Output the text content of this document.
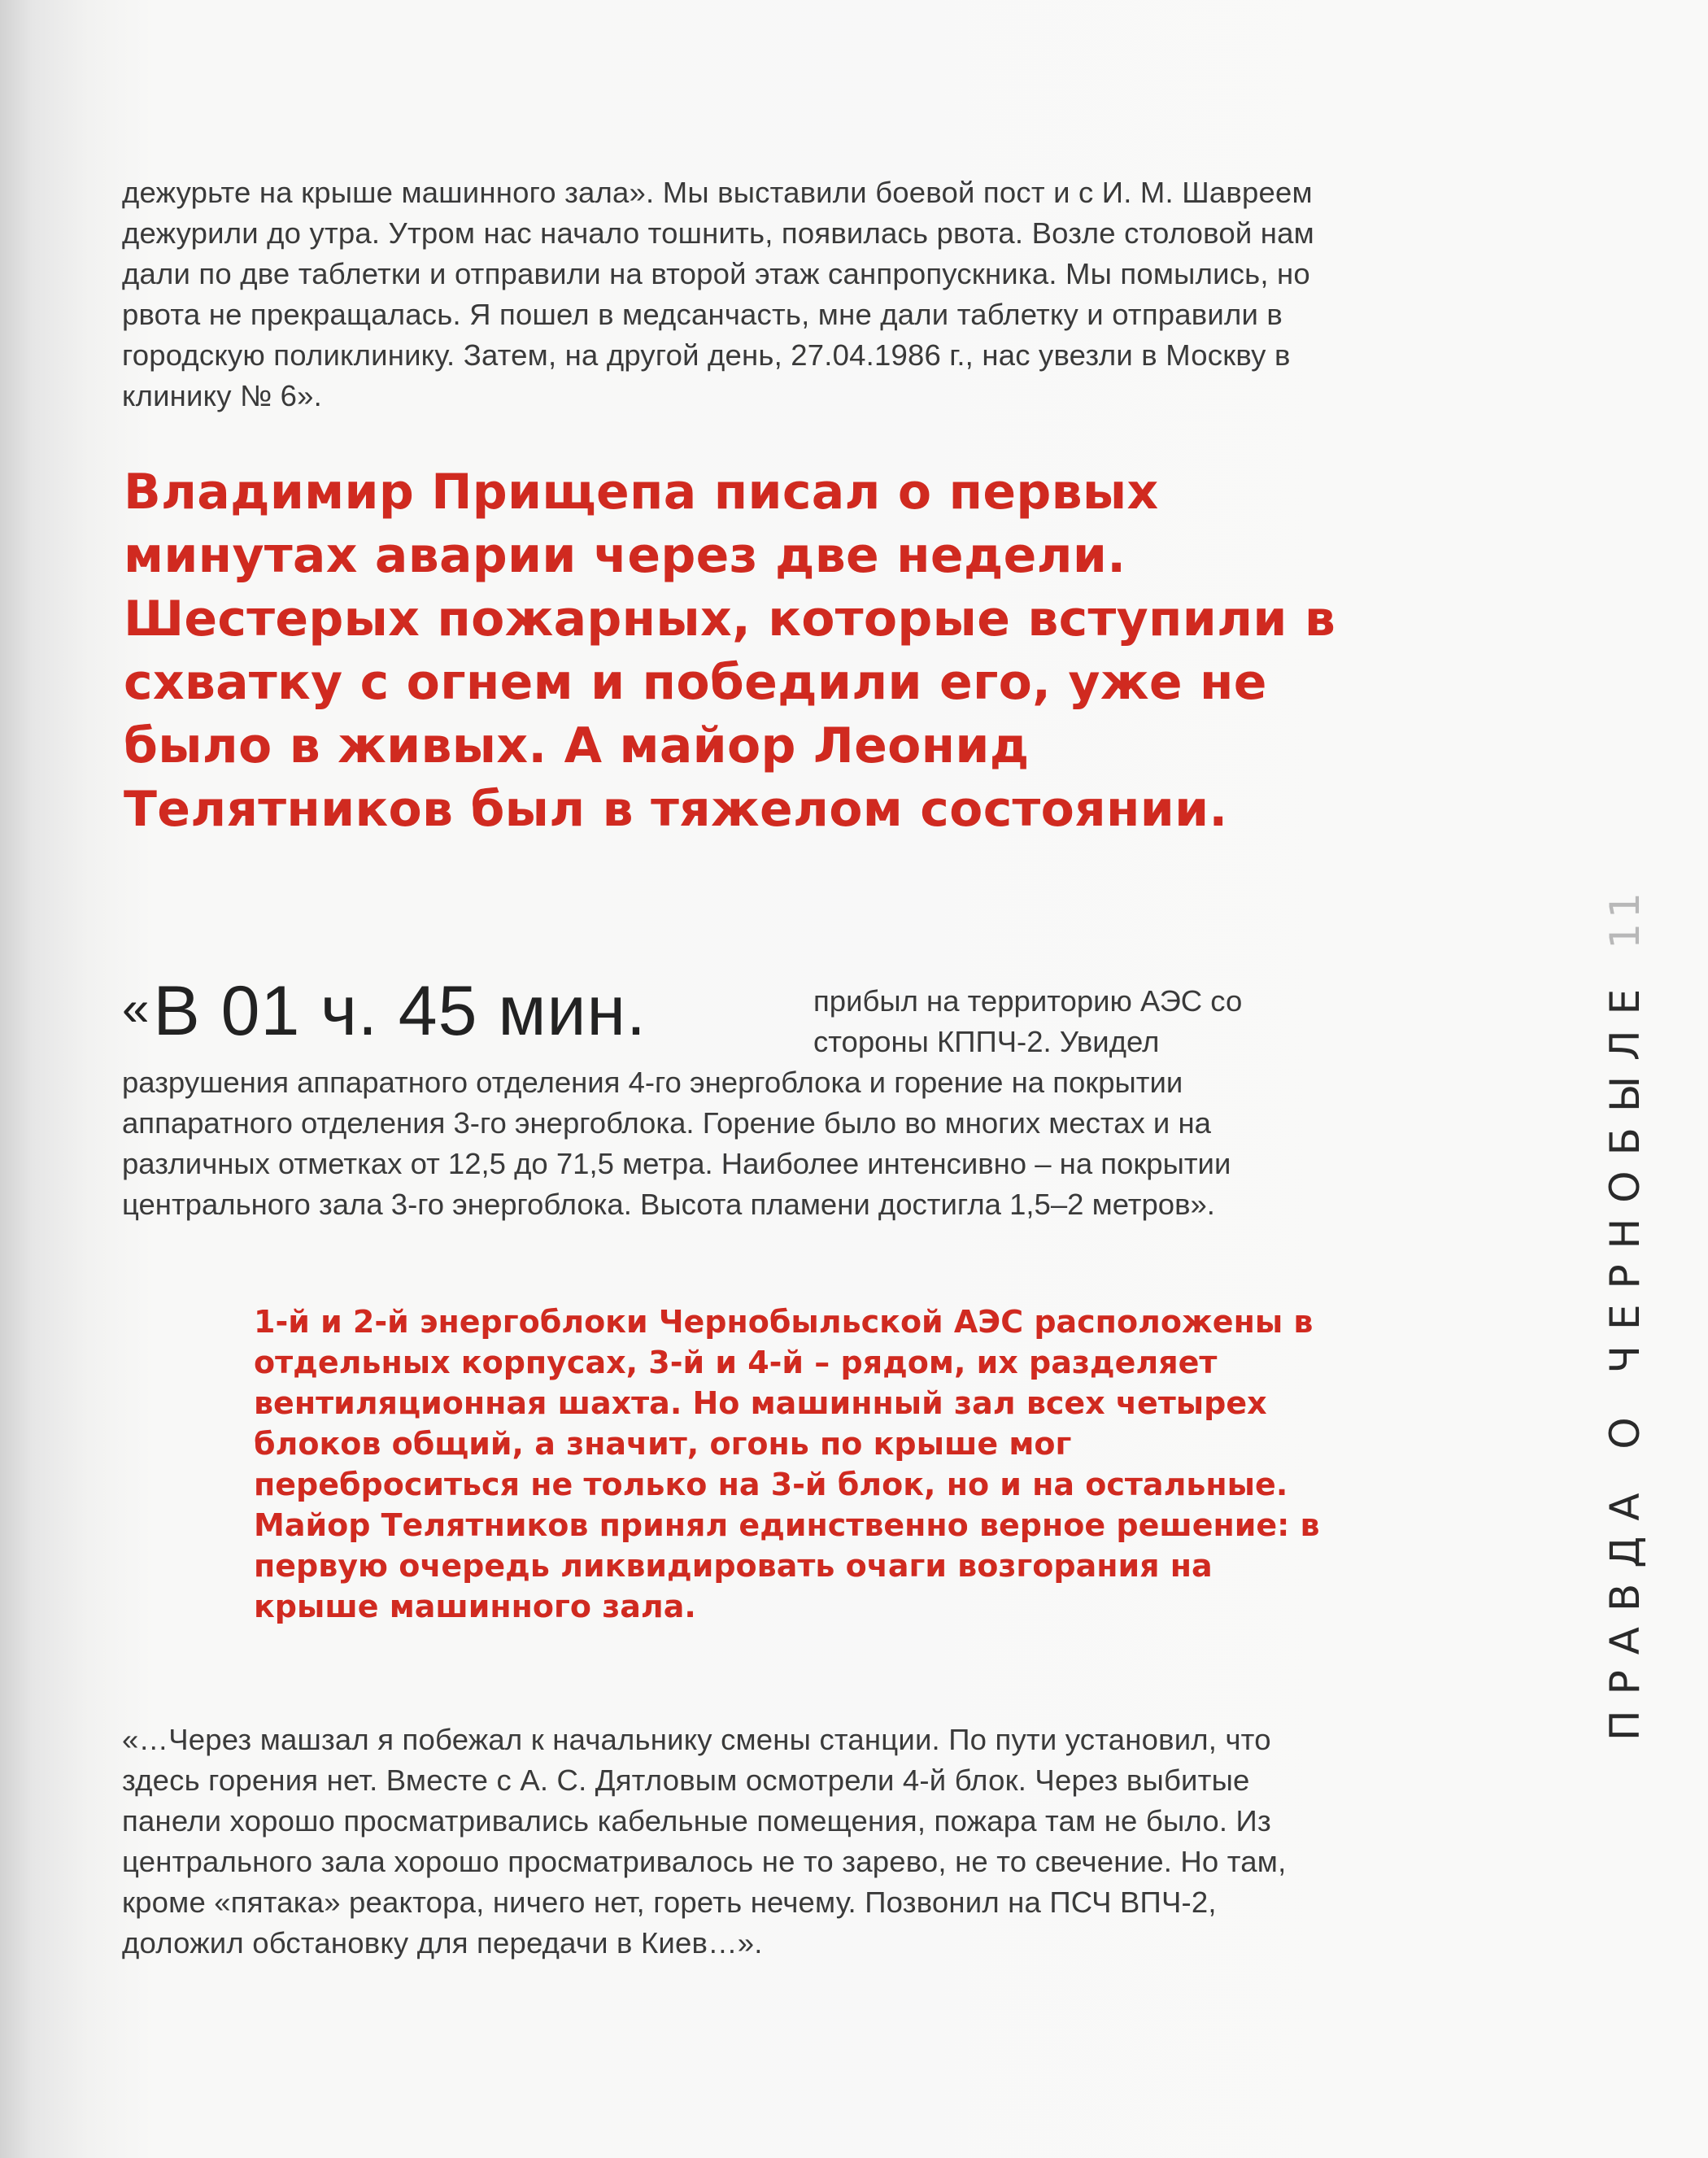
дежурьте на крыше машинного зала». Мы выставили боевой пост и с И. М. Шавреем дежурили до утра. Утром нас начало тошнить, появилась рвота. Возле столовой нам дали по две таблетки и отправили на второй этаж санпропускника. Мы помылись, но рвота не прекращалась. Я пошел в медсанчасть, мне дали таблетку и отправили в городскую поликлинику. Затем, на другой день, 27.04.1986 г., нас увезли в Москву в клинику № 6».

Владимир Прищепа писал о первых минутах аварии через две недели. Шестерых пожарных, которые вступили в схватку с огнем и победили его, уже не было в живых. А майор Леонид Телятников был в тяжелом состоянии.

«В 01 ч. 45 мин.	прибыл на территорию АЭС со стороны КППЧ-2. Увидел
разрушения аппаратного отделения 4-го энергоблока и горение на покрытии аппаратного отделения 3-го энергоблока. Горение было во многих местах и на различных отметках от 12,5 до 71,5 метра. Наиболее интенсивно – на покрытии центрального зала 3-го энергоблока. Высота пламени достигла 1,5–2 метров».

1-й и 2-й энергоблоки Чернобыльской АЭС расположены в отдельных корпусах, 3-й и 4-й – рядом, их разделяет вентиляционная шахта. Но машинный зал всех четырех блоков общий, а значит, огонь по крыше мог переброситься не только на 3-й блок, но и на остальные. Майор Телятников принял единственно верное решение: в первую очередь ликвидировать очаги возгорания на крыше машинного зала.

«…Через машзал я побежал к начальнику смены станции. По пути установил, что здесь горения нет. Вместе с А. С. Дятловым осмотрели 4-й блок. Через выбитые панели хорошо просматривались кабельные помещения, пожара там не было. Из центрального зала хорошо просматривалось не то зарево, не то свечение. Но там, кроме «пятака» реактора, ничего нет, гореть нечему. Позвонил на ПСЧ ВПЧ-2, доложил обстановку для передачи в Киев…».

ПРАВДА О ЧЕРНОБЫЛЕ11
